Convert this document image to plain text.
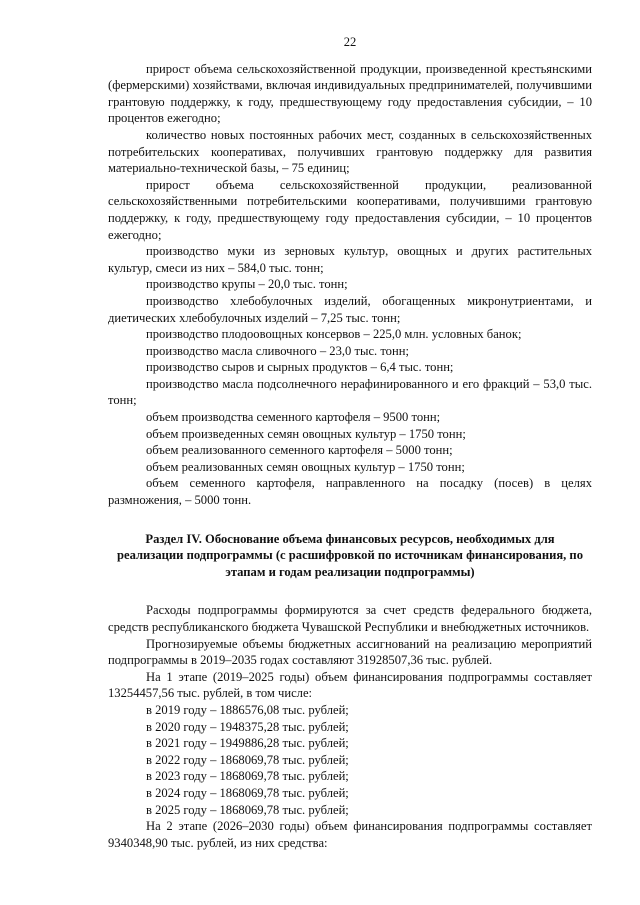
22

прирост объема сельскохозяйственной продукции, произведенной крестьянскими (фермерскими) хозяйствами, включая индивидуальных предпринимателей, получившими грантовую поддержку, к году, предшествующему году предоставления субсидии, – 10 процентов ежегодно;

количество новых постоянных рабочих мест, созданных в сельскохозяйственных потребительских кооперативах, получивших грантовую поддержку для развития материально-технической базы, – 75 единиц;

прирост объема сельскохозяйственной продукции, реализованной сельскохозяйственными потребительскими кооперативами, получившими грантовую поддержку, к году, предшествующему году предоставления субсидии, – 10 процентов ежегодно;

производство муки из зерновых культур, овощных и других растительных культур, смеси из них – 584,0 тыс. тонн;

производство крупы – 20,0 тыс. тонн;

производство хлебобулочных изделий, обогащенных микронутриентами, и диетических хлебобулочных изделий – 7,25 тыс. тонн;

производство плодоовощных консервов – 225,0 млн. условных банок;

производство масла сливочного – 23,0 тыс. тонн;

производство сыров и сырных продуктов – 6,4 тыс. тонн;

производство масла подсолнечного нерафинированного и его фракций – 53,0 тыс. тонн;

объем производства семенного картофеля – 9500 тонн;

объем произведенных семян овощных культур – 1750 тонн;

объем реализованного семенного картофеля – 5000 тонн;

объем реализованных семян овощных культур – 1750 тонн;

объем семенного картофеля, направленного на посадку (посев) в целях размножения, – 5000 тонн.

Раздел IV. Обоснование объема финансовых ресурсов, необходимых для реализации подпрограммы (с расшифровкой по источникам финансирования, по этапам и годам реализации подпрограммы)

Расходы подпрограммы формируются за счет средств федерального бюджета, средств республиканского бюджета Чувашской Республики и внебюджетных источников.

Прогнозируемые объемы бюджетных ассигнований на реализацию мероприятий подпрограммы в 2019–2035 годах составляют 31928507,36 тыс. рублей.

На 1 этапе (2019–2025 годы) объем финансирования подпрограммы составляет 13254457,56 тыс. рублей, в том числе:

в 2019 году – 1886576,08 тыс. рублей;

в 2020 году – 1948375,28 тыс. рублей;

в 2021 году – 1949886,28 тыс. рублей;

в 2022 году – 1868069,78 тыс. рублей;

в 2023 году – 1868069,78 тыс. рублей;

в 2024 году – 1868069,78 тыс. рублей;

в 2025 году – 1868069,78 тыс. рублей;

На 2 этапе (2026–2030 годы) объем финансирования подпрограммы составляет 9340348,90 тыс. рублей, из них средства:
